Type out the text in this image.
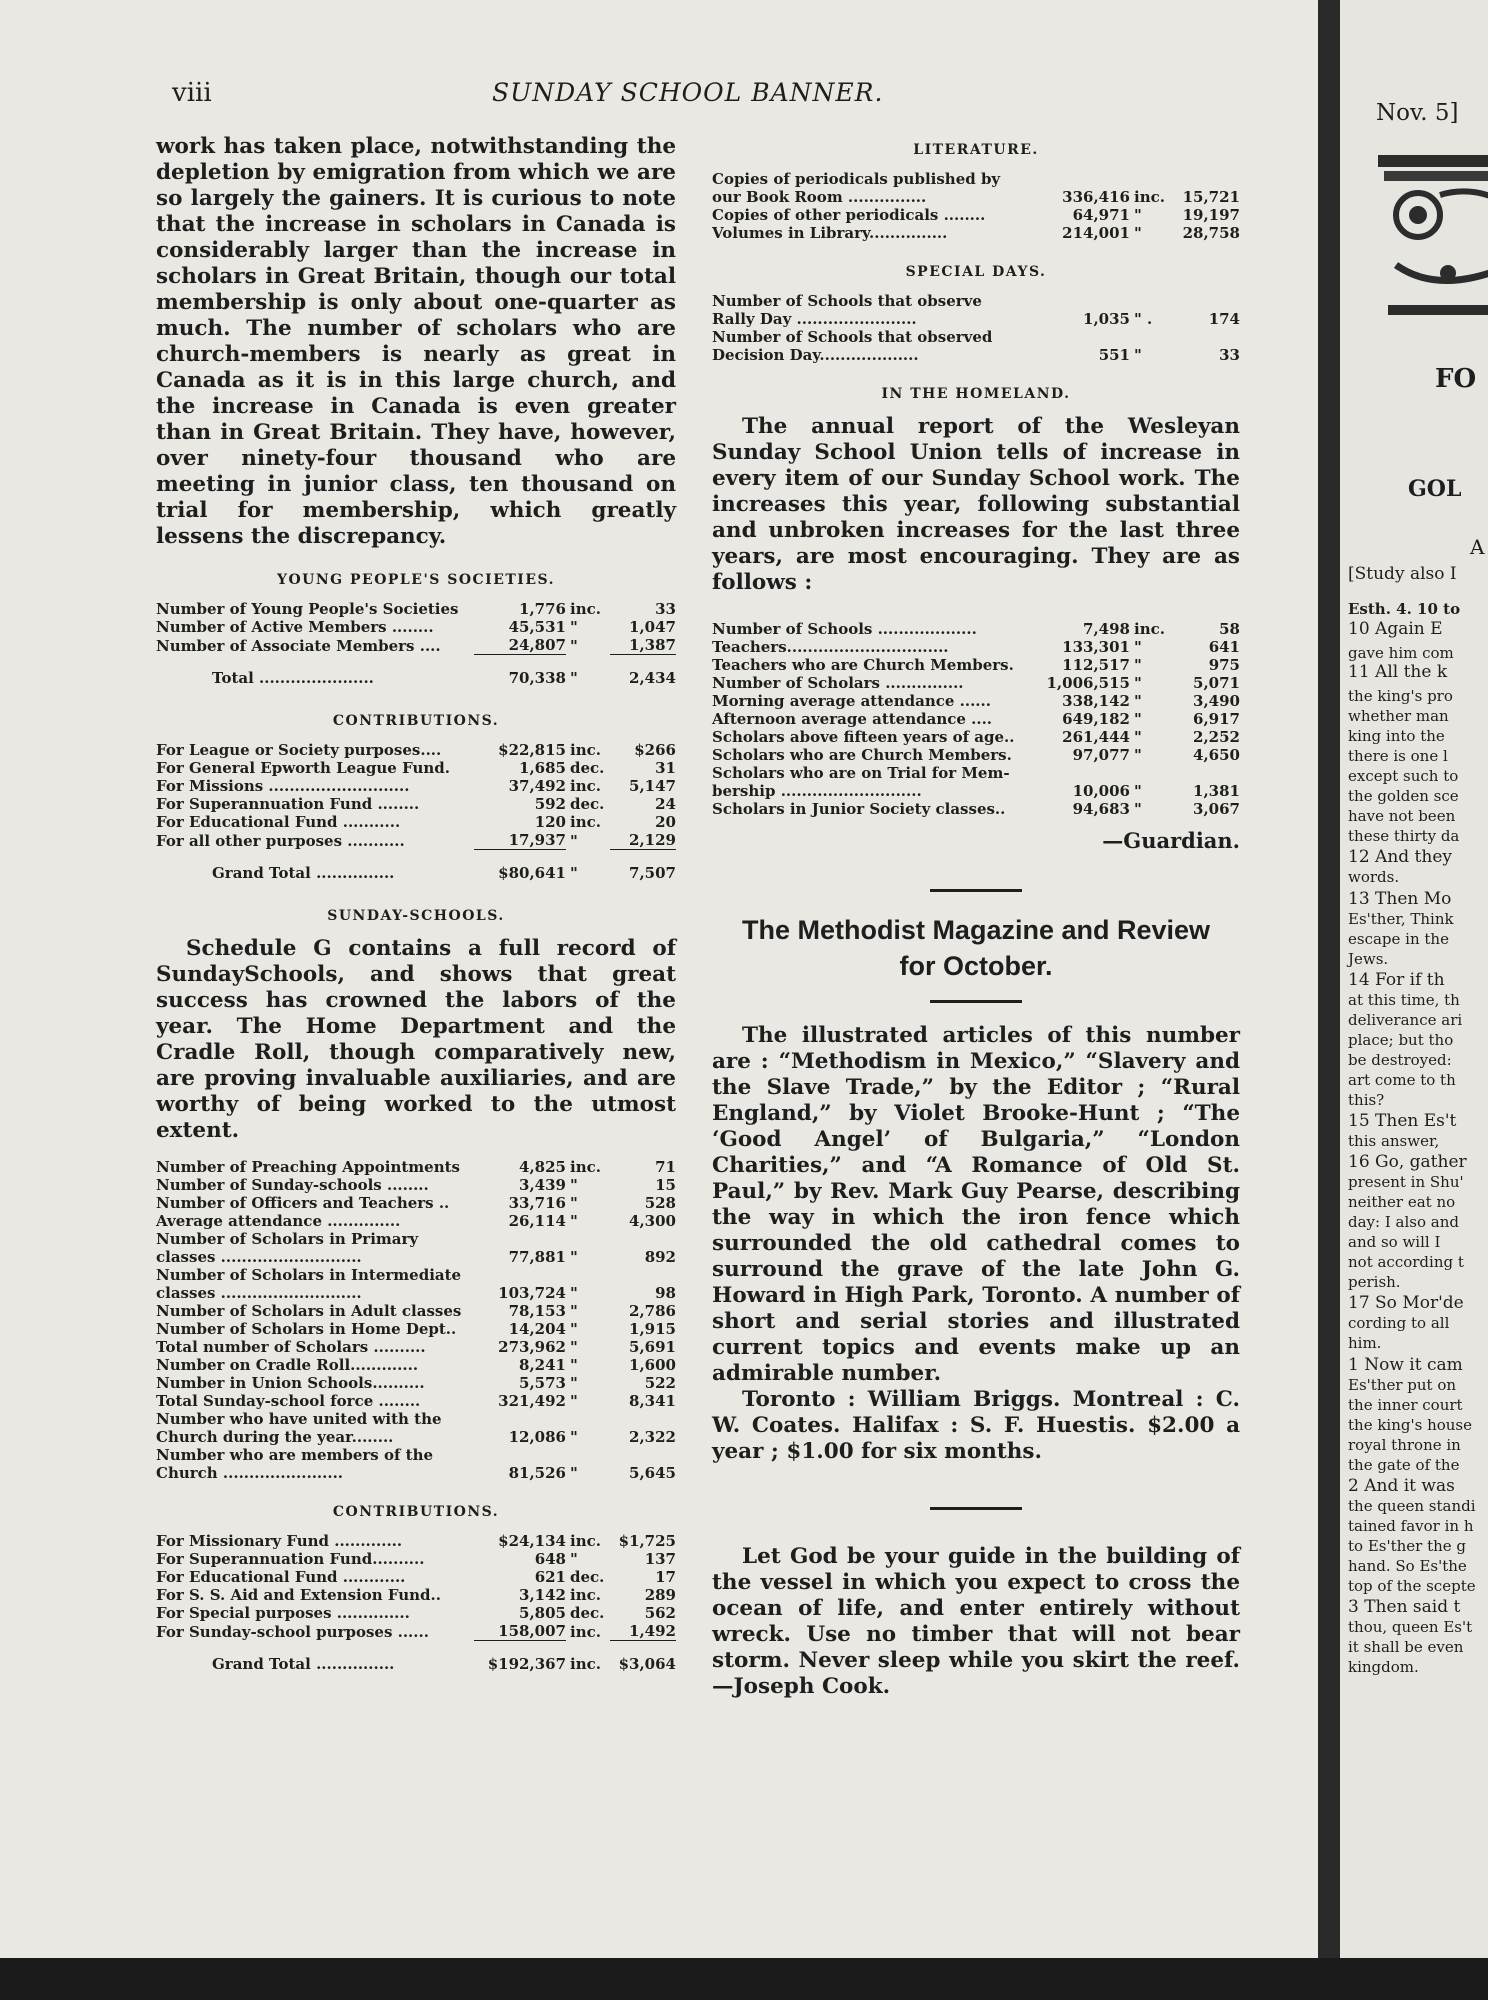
Nov. 5]
FO
GOL
A
[Study also I
Esth. 4. 10 to
10 Again E
gave him com
11 All the k
the king's pro
whether man
king into the
there is one l
except such to
the golden sce
have not been
these thirty da
12 And they
words.
13 Then Mo
Es'ther, Think
escape in the
Jews.
14 For if th
at this time, th
deliverance ari
place; but tho
be destroyed:
art come to th
this?
15 Then Es't
this answer,
16 Go, gather
present in Shu'
neither eat no
day: I also and
and so will I
not according t
perish.
17 So Mor'de
cording to all
him.
1 Now it cam
Es'ther put on
the inner court
the king's house
royal throne in
the gate of the
2 And it was
the queen standi
tained favor in h
to Es'ther the g
hand. So Es'the
top of the scepte
3 Then said t
thou, queen Es't
it shall be even
kingdom.
viii	SUNDAY SCHOOL BANNER.

work has taken place, notwithstanding the depletion by emigration from which we are so largely the gainers. It is curious to note that the increase in scholars in Canada is considerably larger than the increase in scholars in Great Britain, though our total membership is only about one-quarter as much. The number of scholars who are church-members is nearly as great in Canada as it is in this large church, and the increase in Canada is even greater than in Great Britain. They have, however, over ninety-four thousand who are meeting in junior class, ten thousand on trial for membership, which greatly lessens the discrepancy.

YOUNG PEOPLE'S SOCIETIES.
Number of Young People's Societies	1,776	inc.	33
Number of Active Members ........	45,531	"	1,047
Number of Associate Members ....	24,807	"	1,387

Total ......................	70,338	"	2,434
CONTRIBUTIONS.
For League or Society purposes....	$22,815	inc.	$266
For General Epworth League Fund.	1,685	dec.	31
For Missions ...........................	37,492	inc.	5,147
For Superannuation Fund ........	592	dec.	24
For Educational Fund ...........	120	inc.	20
For all other purposes ...........	17,937	"	2,129

Grand Total ...............	$80,641	"	7,507
SUNDAY-SCHOOLS.

Schedule G contains a full record of SundaySchools, and shows that great success has crowned the labors of the year. The Home Department and the Cradle Roll, though comparatively new, are proving invaluable auxiliaries, and are worthy of being worked to the utmost extent.

Number of Preaching Appointments	4,825	inc.	71
Number of Sunday-schools ........	3,439	"	15
Number of Officers and Teachers ..	33,716	"	528
Average attendance ..............	26,114	"	4,300
Number of Scholars in Primary			
classes ...........................	77,881	"	892
Number of Scholars in Intermediate			
classes ...........................	103,724	"	98
Number of Scholars in Adult classes	78,153	"	2,786
Number of Scholars in Home Dept..	14,204	"	1,915
Total number of Scholars ..........	273,962	"	5,691
Number on Cradle Roll.............	8,241	"	1,600
Number in Union Schools..........	5,573	"	522
Total Sunday-school force ........	321,492	"	8,341
Number who have united with the			
Church during the year........	12,086	"	2,322
Number who are members of the			
Church .......................	81,526	"	5,645
CONTRIBUTIONS.
For Missionary Fund .............	$24,134	inc.	$1,725
For Superannuation Fund..........	648	"	137
For Educational Fund ............	621	dec.	17
For S. S. Aid and Extension Fund..	3,142	inc.	289
For Special purposes ..............	5,805	dec.	562
For Sunday-school purposes ......	158,007	inc.	1,492

Grand Total ...............	$192,367	inc.	$3,064
LITERATURE.
Copies of periodicals published by			
our Book Room ...............	336,416	inc.	15,721
Copies of other periodicals ........	64,971	"	19,197
Volumes in Library...............	214,001	"	28,758
SPECIAL DAYS.
Number of Schools that observe			
Rally Day .......................	1,035	" .	174
Number of Schools that observed			
Decision Day...................	551	"	33
IN THE HOMELAND.

The annual report of the Wesleyan Sunday School Union tells of increase in every item of our Sunday School work. The increases this year, following substantial and unbroken increases for the last three years, are most encouraging. They are as follows :

Number of Schools ...................	7,498	inc.	58
Teachers...............................	133,301	"	641
Teachers who are Church Members.	112,517	"	975
Number of Scholars ...............	1,006,515	"	5,071
Morning average attendance ......	338,142	"	3,490
Afternoon average attendance ....	649,182	"	6,917
Scholars above fifteen years of age..	261,444	"	2,252
Scholars who are Church Members.	97,077	"	4,650
Scholars who are on Trial for Mem-			
bership ...........................	10,006	"	1,381
Scholars in Junior Society classes..	94,683	"	3,067
—Guardian.
The Methodist Magazine and Review
for October.

The illustrated articles of this number are : “Methodism in Mexico,” “Slavery and the Slave Trade,” by the Editor ; “Rural England,” by Violet Brooke-Hunt ; “The ‘Good Angel’ of Bulgaria,” “London Charities,” and “A Romance of Old St. Paul,” by Rev. Mark Guy Pearse, describing the way in which the iron fence which surrounded the old cathedral comes to surround the grave of the late John G. Howard in High Park, Toronto. A number of short and serial stories and illustrated current topics and events make up an admirable number.

Toronto : William Briggs. Montreal : C. W. Coates. Halifax : S. F. Huestis. $2.00 a year ; $1.00 for six months.

Let God be your guide in the building of the vessel in which you expect to cross the ocean of life, and enter entirely without wreck. Use no timber that will not bear storm. Never sleep while you skirt the reef.—Joseph Cook.
